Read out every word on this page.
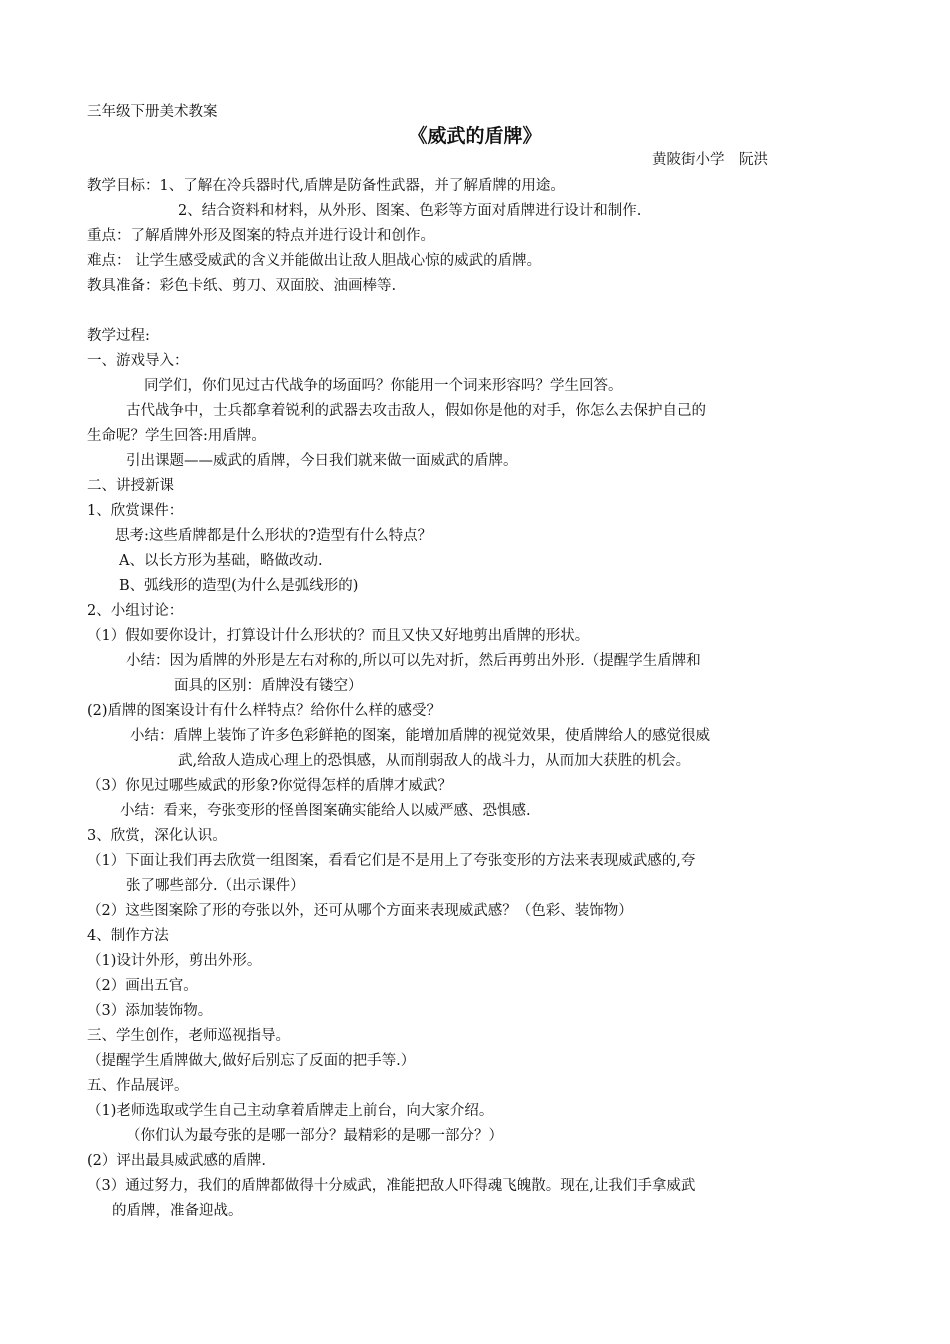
三年级下册美术教案
《威武的盾牌》
黄陂街小学　阮洪
教学目标：1、了解在冷兵器时代,盾牌是防备性武器，并了解盾牌的用途。
2、结合资料和材料，从外形、图案、色彩等方面对盾牌进行设计和制作.
重点：了解盾牌外形及图案的特点并进行设计和创作。
难点： 让学生感受威武的含义并能做出让敌人胆战心惊的威武的盾牌。
教具准备：彩色卡纸、剪刀、双面胶、油画棒等.
教学过程:
一、游戏导入：
同学们，你们见过古代战争的场面吗？你能用一个词来形容吗？学生回答。
古代战争中，士兵都拿着锐利的武器去攻击敌人，假如你是他的对手，你怎么去保护自己的
生命呢？学生回答:用盾牌。
引出课题——威武的盾牌，今日我们就来做一面威武的盾牌。
二、讲授新课
1、欣赏课件：
思考:这些盾牌都是什么形状的?造型有什么特点？
A、以长方形为基础，略做改动.
B、弧线形的造型(为什么是弧线形的)
2、小组讨论：
（1）假如要你设计，打算设计什么形状的？而且又快又好地剪出盾牌的形状。
小结：因为盾牌的外形是左右对称的,所以可以先对折，然后再剪出外形.（提醒学生盾牌和
面具的区别：盾牌没有镂空）
(2)盾牌的图案设计有什么样特点？给你什么样的感受？
小结：盾牌上装饰了许多色彩鲜艳的图案，能增加盾牌的视觉效果，使盾牌给人的感觉很威
武,给敌人造成心理上的恐惧感，从而削弱敌人的战斗力，从而加大获胜的机会。
（3）你见过哪些威武的形象?你觉得怎样的盾牌才威武？
小结：看来，夸张变形的怪兽图案确实能给人以威严感、恐惧感.
3、欣赏，深化认识。
（1）下面让我们再去欣赏一组图案，看看它们是不是用上了夸张变形的方法来表现威武感的,夸
张了哪些部分.（出示课件）
（2）这些图案除了形的夸张以外，还可从哪个方面来表现威武感？（色彩、装饰物）
4、制作方法
（1)设计外形，剪出外形。
（2）画出五官。
（3）添加装饰物。
三、学生创作，老师巡视指导。
（提醒学生盾牌做大,做好后别忘了反面的把手等.）
五、作品展评。
（1)老师选取或学生自己主动拿着盾牌走上前台，向大家介绍。
（你们认为最夸张的是哪一部分？最精彩的是哪一部分？）
(2）评出最具威武感的盾牌.
（3）通过努力，我们的盾牌都做得十分威武，准能把敌人吓得魂飞魄散。现在,让我们手拿威武
的盾牌，准备迎战。
